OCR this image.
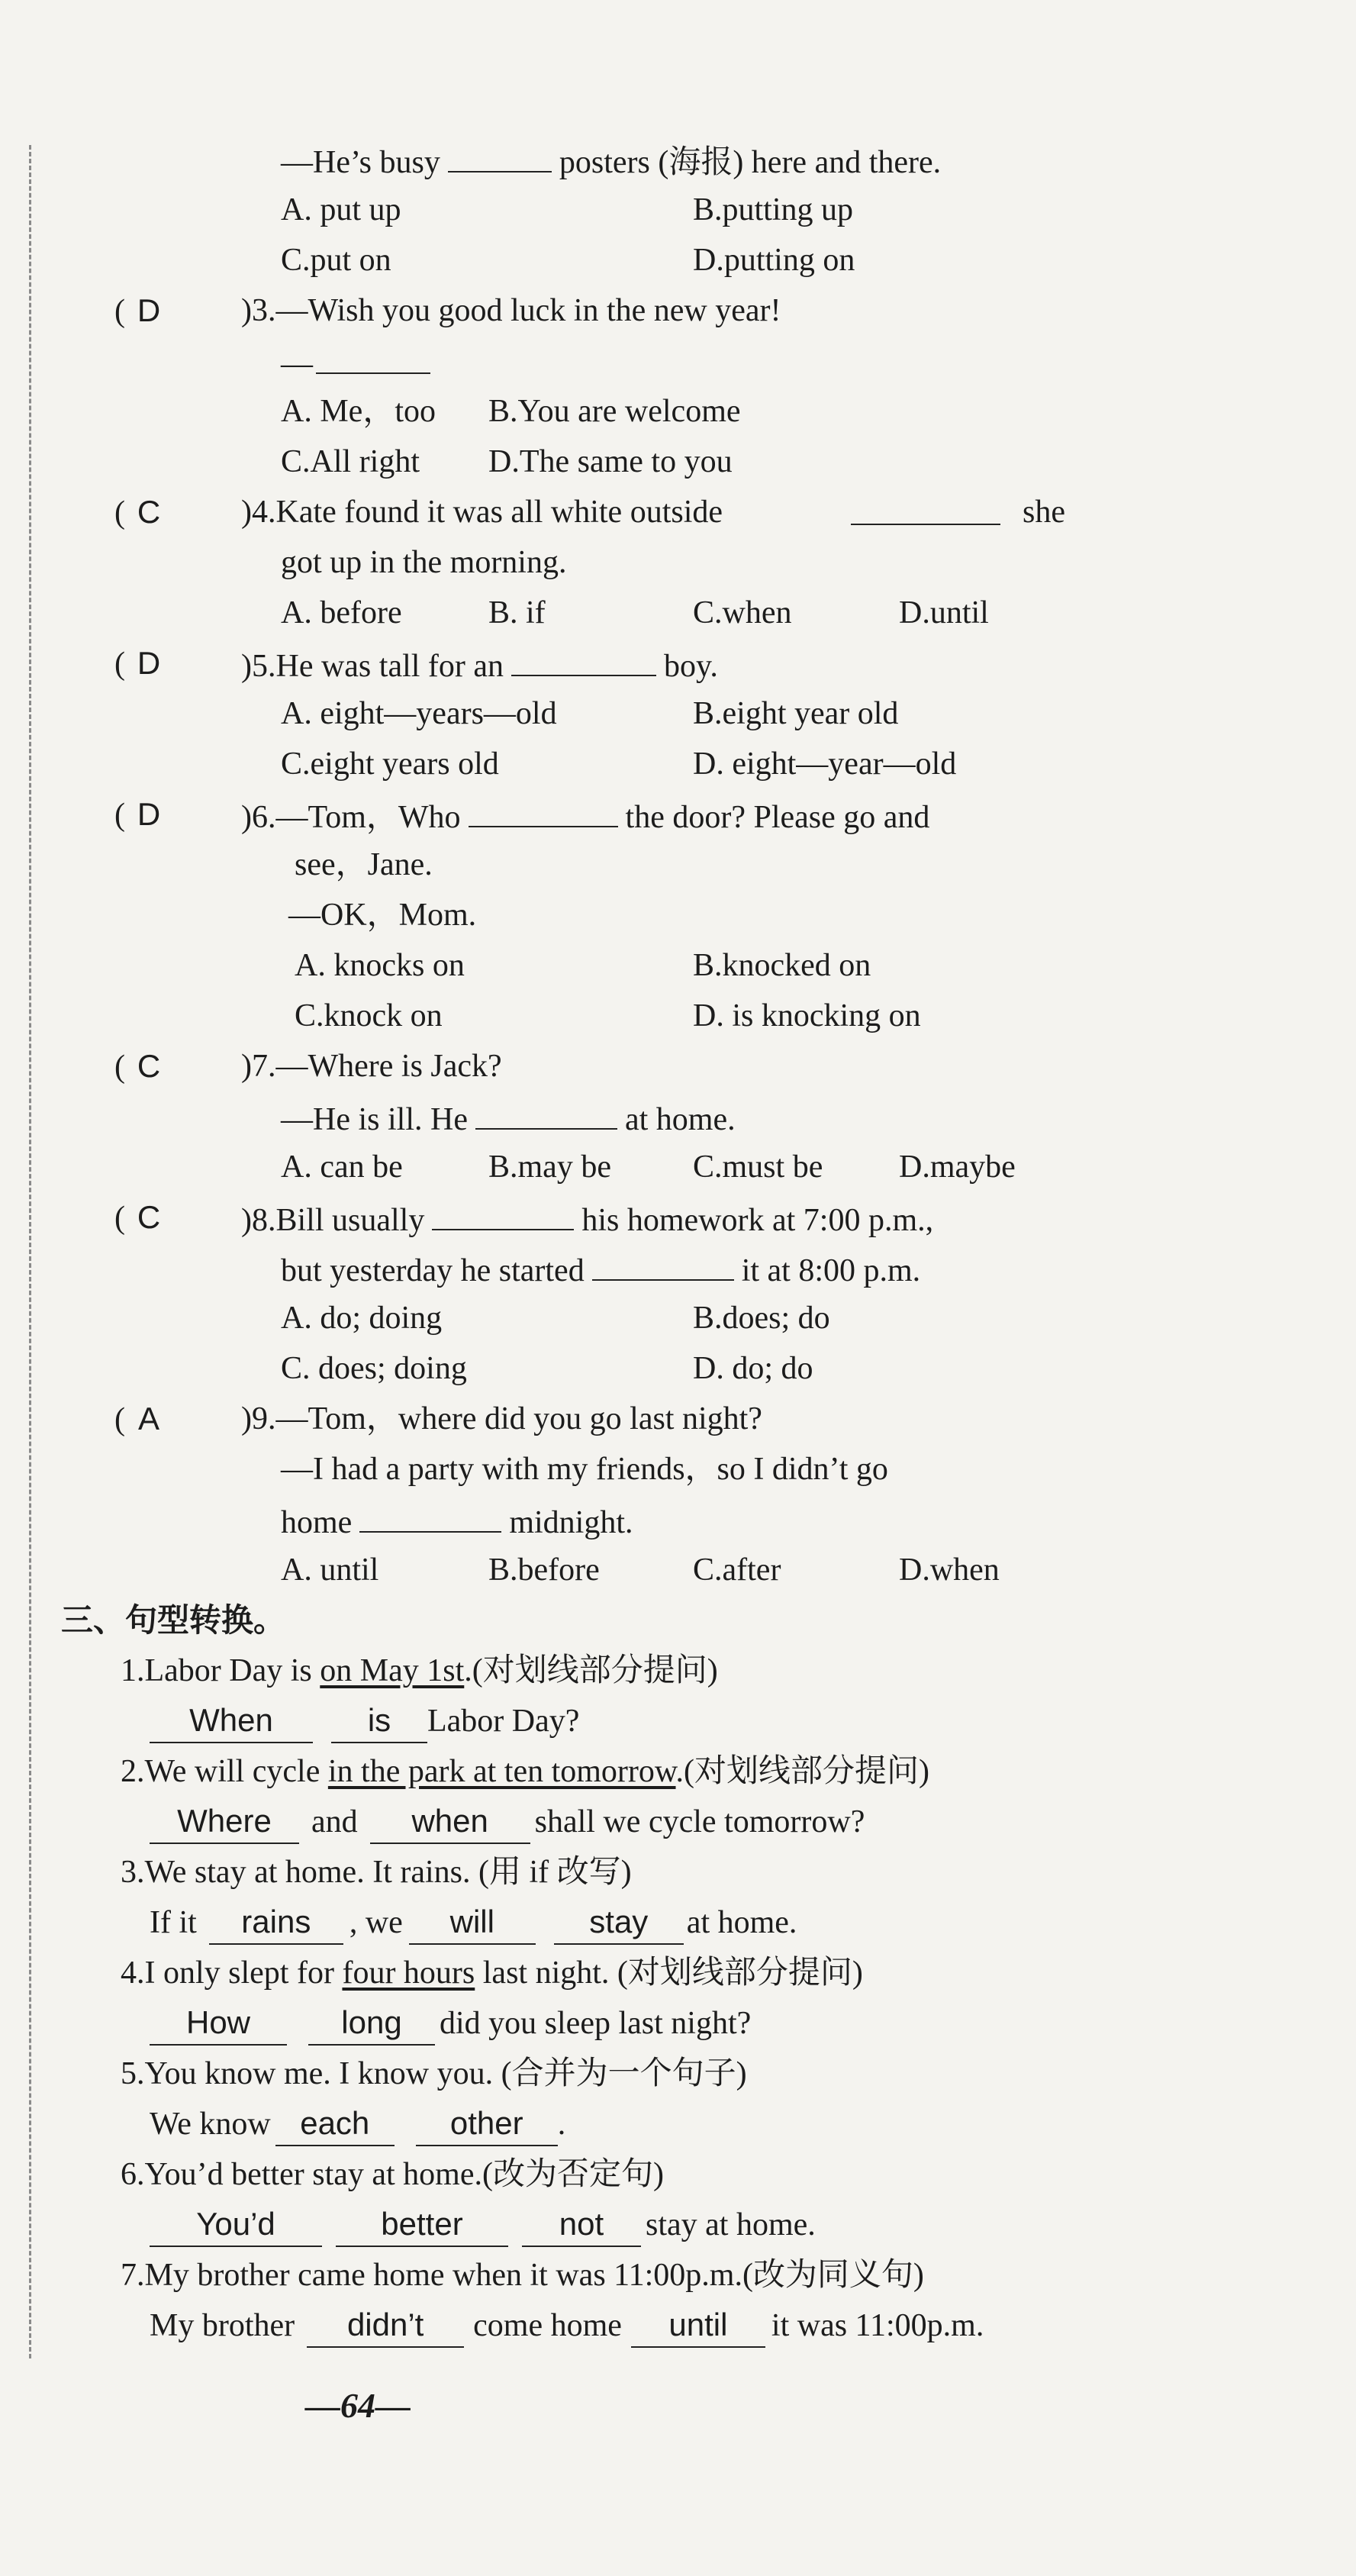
—He’s busy	posters (海报) here and there.
A. put up	B.putting up
C.put on	D.putting on
( D	)3.—Wish you good luck in the new year!
—
A. Me，too B.You are welcome
C.All right D.The same to you
( C	)4.Kate found it was all white outside	she
got up in the morning.
A. before	B. if	C.when	D.until
( D	)5.He was tall for an	boy.
A. eight—years—old	B.eight year old
C.eight years old	D. eight—year—old
( D	)6.—Tom，Who	the door? Please go and
see，Jane.
—OK，Mom.
A. knocks on	B.knocked on
C.knock on	D. is knocking on
( C	)7.—Where is Jack?
—He is ill. He	at home.
A. can be	B.may be	C.must be D.maybe
( C	)8.Bill usually	his homework at 7:00 p.m.,
but yesterday he started	it at 8:00 p.m.
A. do; doing	B.does; do
C. does; doing	D. do; do
( A	)9.—Tom，where did you go last night?
—I had a party with my friends，so I didn’t go
home	midnight.
A. until	B.before	C.after	D.when
三、句型转换。
1.Labor Day is on May 1st.(对划线部分提问)
When	is Labor Day?
2.We will cycle in the park at ten tomorrow.(对划线部分提问)
Where and when shall we cycle tomorrow?
3.We stay at home. It rains. (用 if 改写)
If it rains , we will	stay at home.
4.I only slept for four hours last night. (对划线部分提问)
How	long did you sleep last night?
5.You know me. I know you. (合并为一个句子)
We know each	other .
6.You’d better stay at home.(改为否定句)
You’d	better	not stay at home.
7.My brother came home when it was 11:00p.m.(改为同义句)
My brother didn’t come home until it was 11:00p.m.
—64—
